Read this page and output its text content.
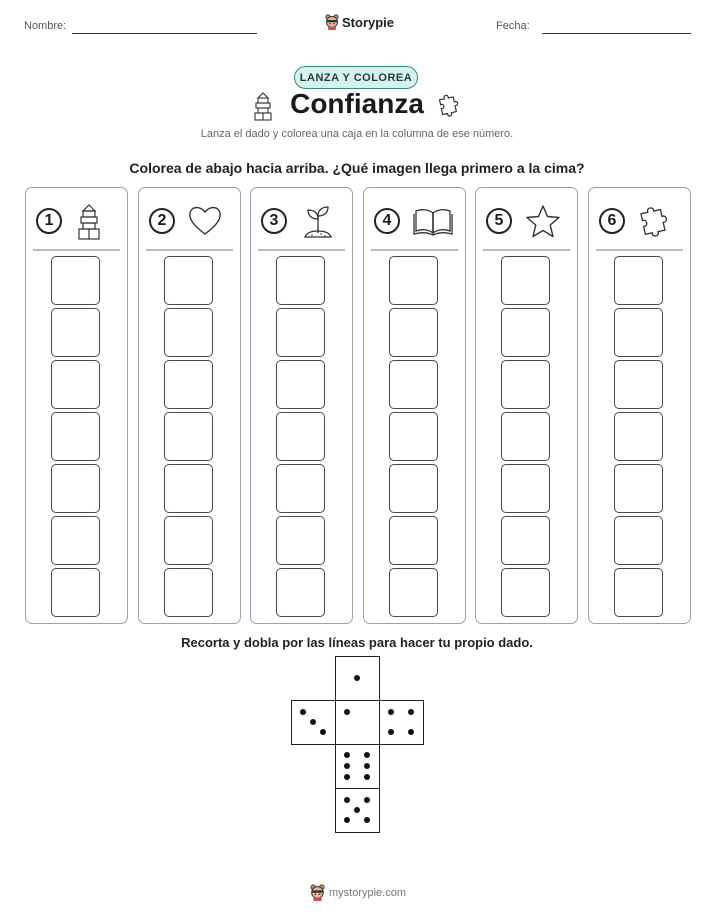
Nombre:	Storypie	Fecha:
LANZA Y COLOREA
Confianza
Lanza el dado y colorea una caja en la columna de ese número.
Colorea de abajo hacia arriba. ¿Qué imagen llega primero a la cima?
1	2	3	4	5	6
Recorta y dobla por las líneas para hacer tu propio dado.
mystorypie.com
